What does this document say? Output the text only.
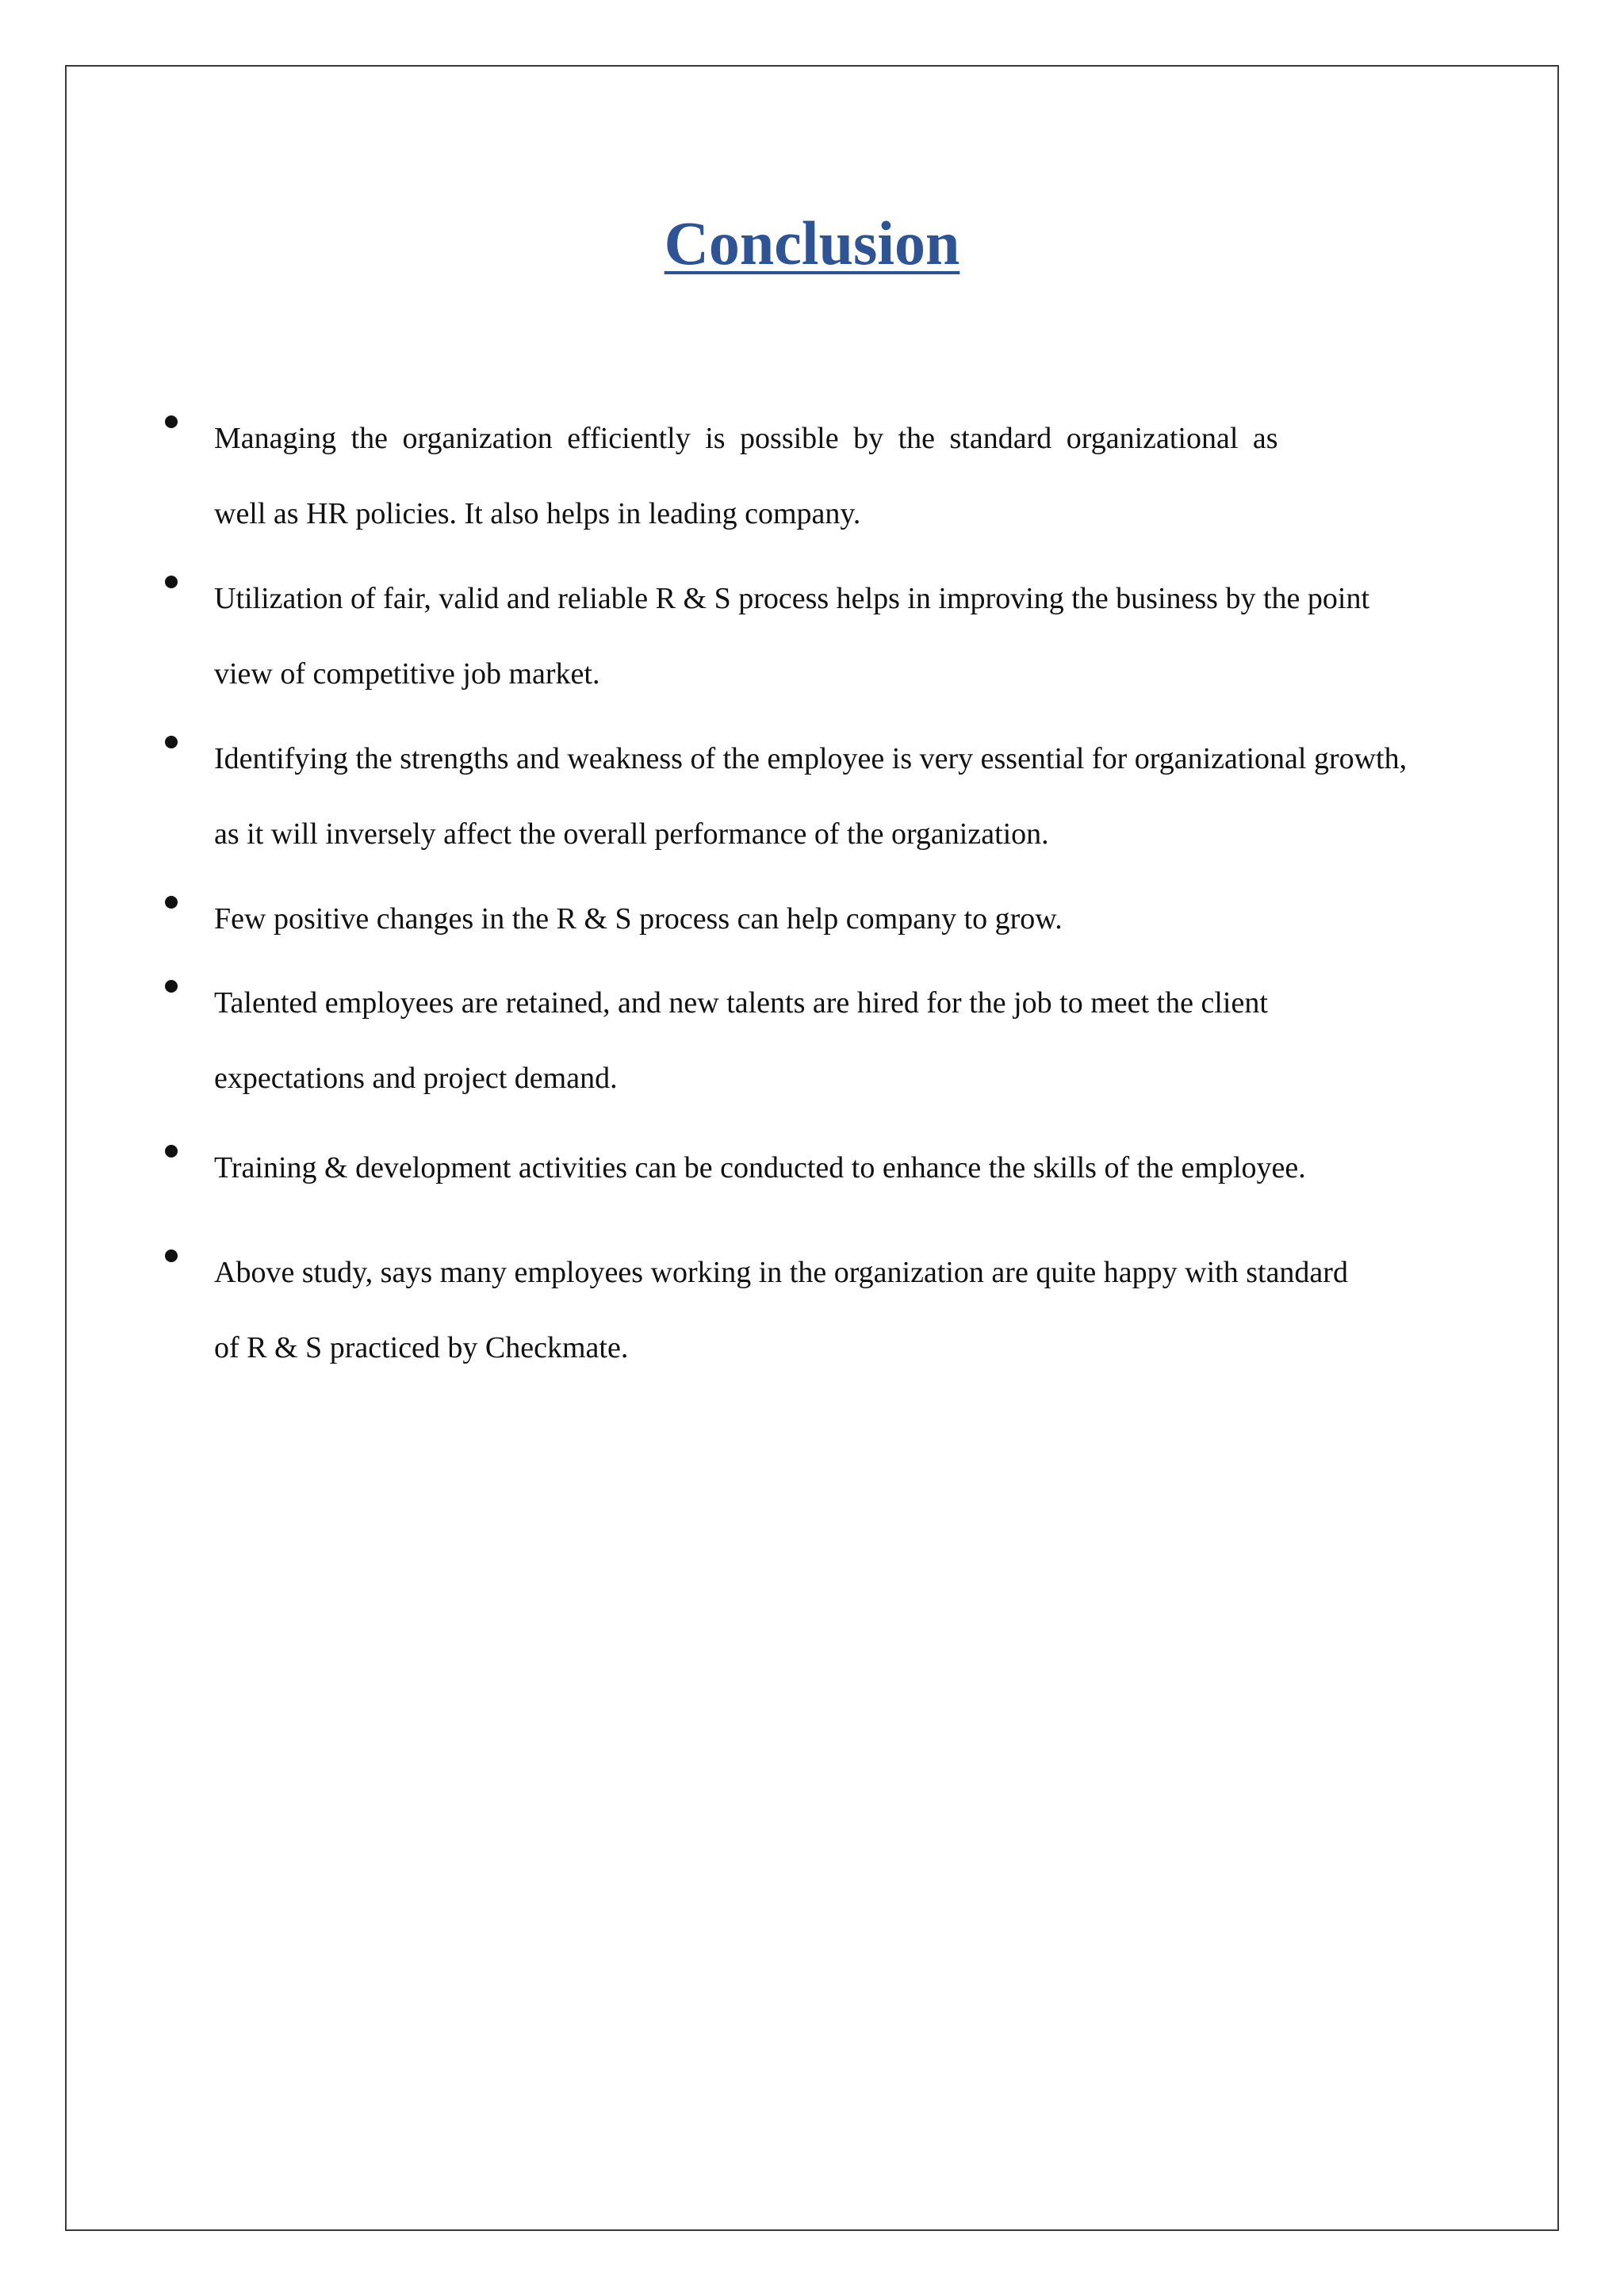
Conclusion
Managing the organization efficiently is possible by the standard organizational as
well as HR policies. It also helps in leading company.
Utilization of fair, valid and reliable R & S process helps in improving the business by the point
view of competitive job market.
Identifying the strengths and weakness of the employee is very essential for organizational growth,
as it will inversely affect the overall performance of the organization.
Few positive changes in the R & S process can help company to grow.
Talented employees are retained, and new talents are hired for the job to meet the client
expectations and project demand.
Training & development activities can be conducted to enhance the skills of the employee.
Above study, says many employees working in the organization are quite happy with standard
of R & S practiced by Checkmate.
